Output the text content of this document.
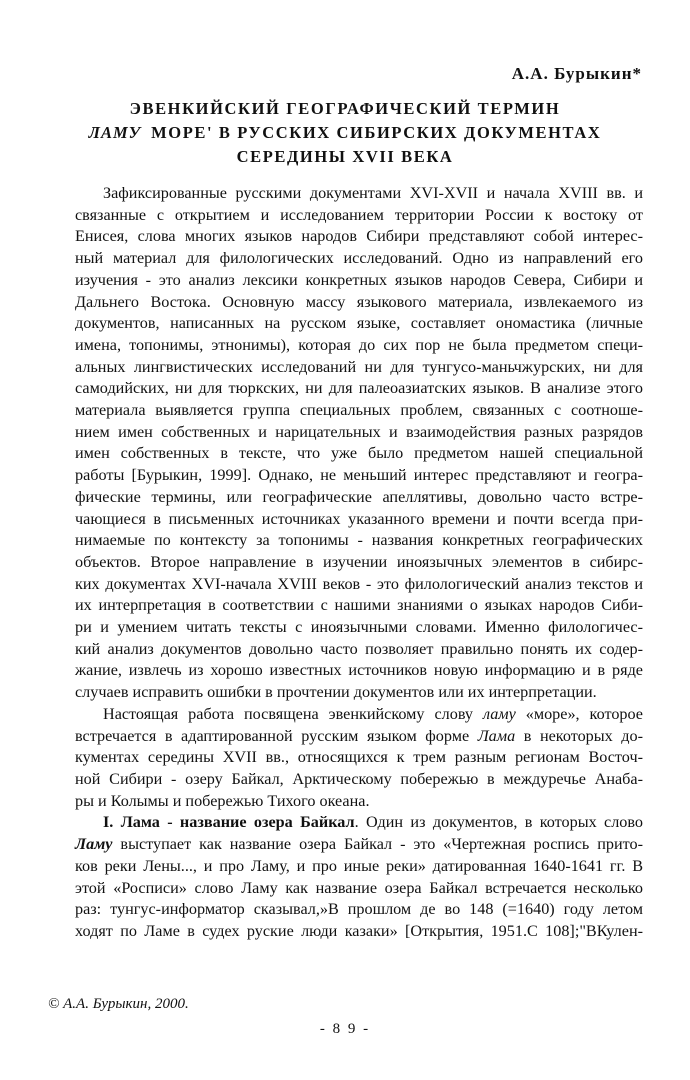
А.А. Бурыкин*
ЭВЕНКИЙСКИЙ ГЕОГРАФИЧЕСКИЙ ТЕРМИН
ЛАМУ МОРЕ' В РУССКИХ СИБИРСКИХ ДОКУМЕНТАХ
СЕРЕДИНЫ XVII ВЕКА
Зафиксированные русскими документами XVI-XVII и начала XVIII вв. и
связанные с открытием и исследованием территории России к востоку от
Енисея, слова многих языков народов Сибири представляют собой интерес-
ный материал для филологических исследований. Одно из направлений его
изучения - это анализ лексики конкретных языков народов Севера, Сибири и
Дальнего Востока. Основную массу языкового материала, извлекаемого из
документов, написанных на русском языке, составляет ономастика (личные
имена, топонимы, этнонимы), которая до сих пор не была предметом специ-
альных лингвистических исследований ни для тунгусо-маньчжурских, ни для
самодийских, ни для тюркских, ни для палеоазиатских языков. В анализе этого
материала выявляется группа специальных проблем, связанных с соотноше-
нием имен собственных и нарицательных и взаимодействия разных разрядов
имен собственных в тексте, что уже было предметом нашей специальной
работы [Бурыкин, 1999]. Однако, не меньший интерес представляют и геогра-
фические термины, или географические апеллятивы, довольно часто встре-
чающиеся в письменных источниках указанного времени и почти всегда при-
нимаемые по контексту за топонимы - названия конкретных географических
объектов. Второе направление в изучении иноязычных элементов в сибирс-
ких документах XVI-начала XVIII веков - это филологический анализ текстов и
их интерпретация в соответствии с нашими знаниями о языках народов Сиби-
ри и умением читать тексты с иноязычными словами. Именно филологичес-
кий анализ документов довольно часто позволяет правильно понять их содер-
жание, извлечь из хорошо известных источников новую информацию и в ряде
случаев исправить ошибки в прочтении документов или их интерпретации.
Настоящая работа посвящена эвенкийскому слову ламу «море», которое
встречается в адаптированной русским языком форме Лама в некоторых до-
кументах середины XVII вв., относящихся к трем разным регионам Восточ-
ной Сибири - озеру Байкал, Арктическому побережью в междуречье Анаба-
ры и Колымы и побережью Тихого океана.
I. Лама - название озера Байкал. Один из документов, в которых слово
Ламу выступает как название озера Байкал - это «Чертежная роспись прито-
ков реки Лены..., и про Ламу, и про иные реки» датированная 1640-1641 гг. В
этой «Росписи» слово Ламу как название озера Байкал встречается несколько
раз: тунгус-информатор сказывал,»В прошлом де во 148 (=1640) году летом
ходят по Ламе в судех руские люди казаки» [Открытия, 1951.С 108];"ВКулен-
© А.А. Бурыкин, 2000.
- 8 9 -
